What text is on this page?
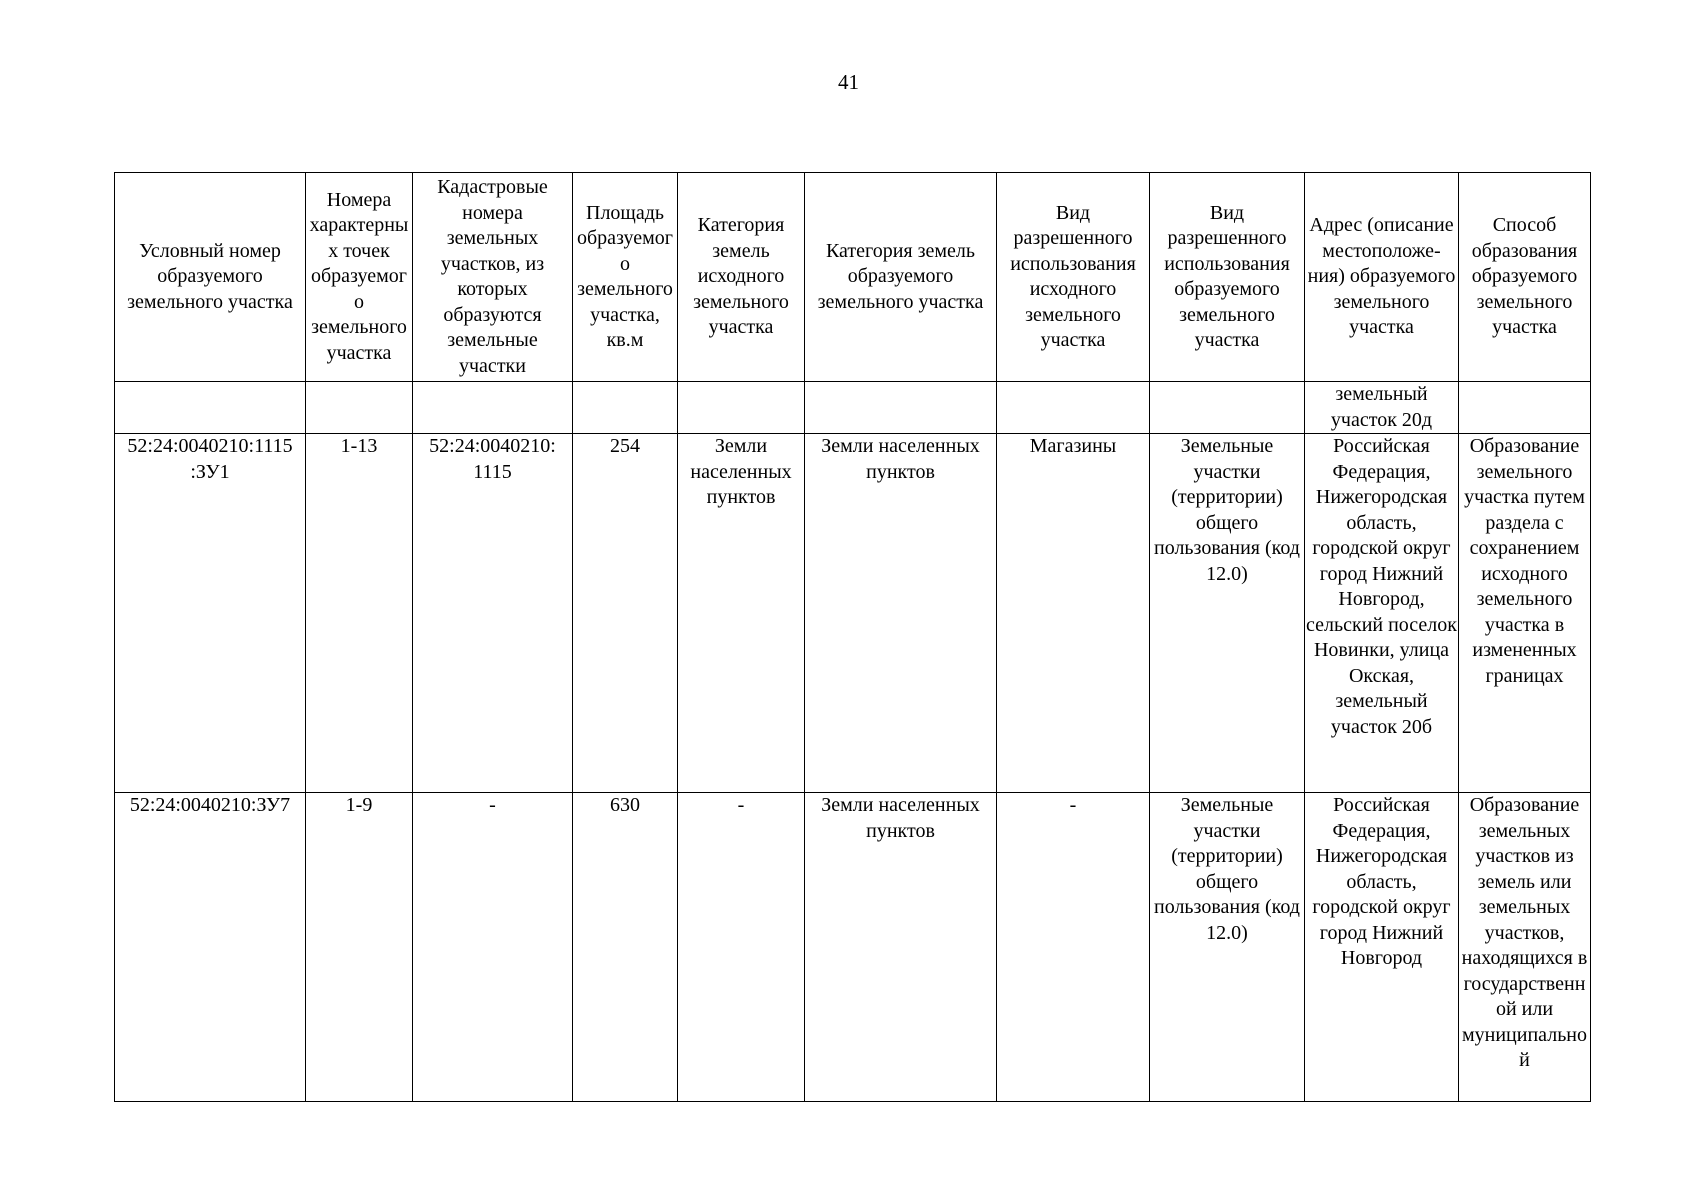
41
Условный номер образуемого земельного участка	Номера характерных точек образуемого земельного участка	Кадастровые номера земельных участков, из которых образуются земельные участки	Площадь образуемого земельного участка, кв.м	Категория земель исходного земельного участка	Категория земель образуемого земельного участка	Вид разрешенного использования исходного земельного участка	Вид разрешенного использования образуемого земельного участка	Адрес (описание местоположе-ния) образуемого земельного участка	Способ образования образуемого земельного участка

								земельный участок 20д	

52:24:0040210:1115 :ЗУ1	1-13	52:24:0040210: 1115	254	Земли населенных пунктов	Земли населенных пунктов	Магазины	Земельные участки (территории) общего пользования (код 12.0)	Российская Федерация, Нижегородская область, городской округ город Нижний Новгород, сельский поселок Новинки, улица Окская, земельный участок 20б	Образование земельного участка путем раздела с сохранением исходного земельного участка в измененных границах

52:24:0040210:ЗУ7	1-9	-	630	-	Земли населенных пунктов	-	Земельные участки (территории) общего пользования (код 12.0)	Российская Федерация, Нижегородская область, городской округ город Нижний Новгород	Образование земельных участков из земель или земельных участков, находящихся в государственной или муниципальной
